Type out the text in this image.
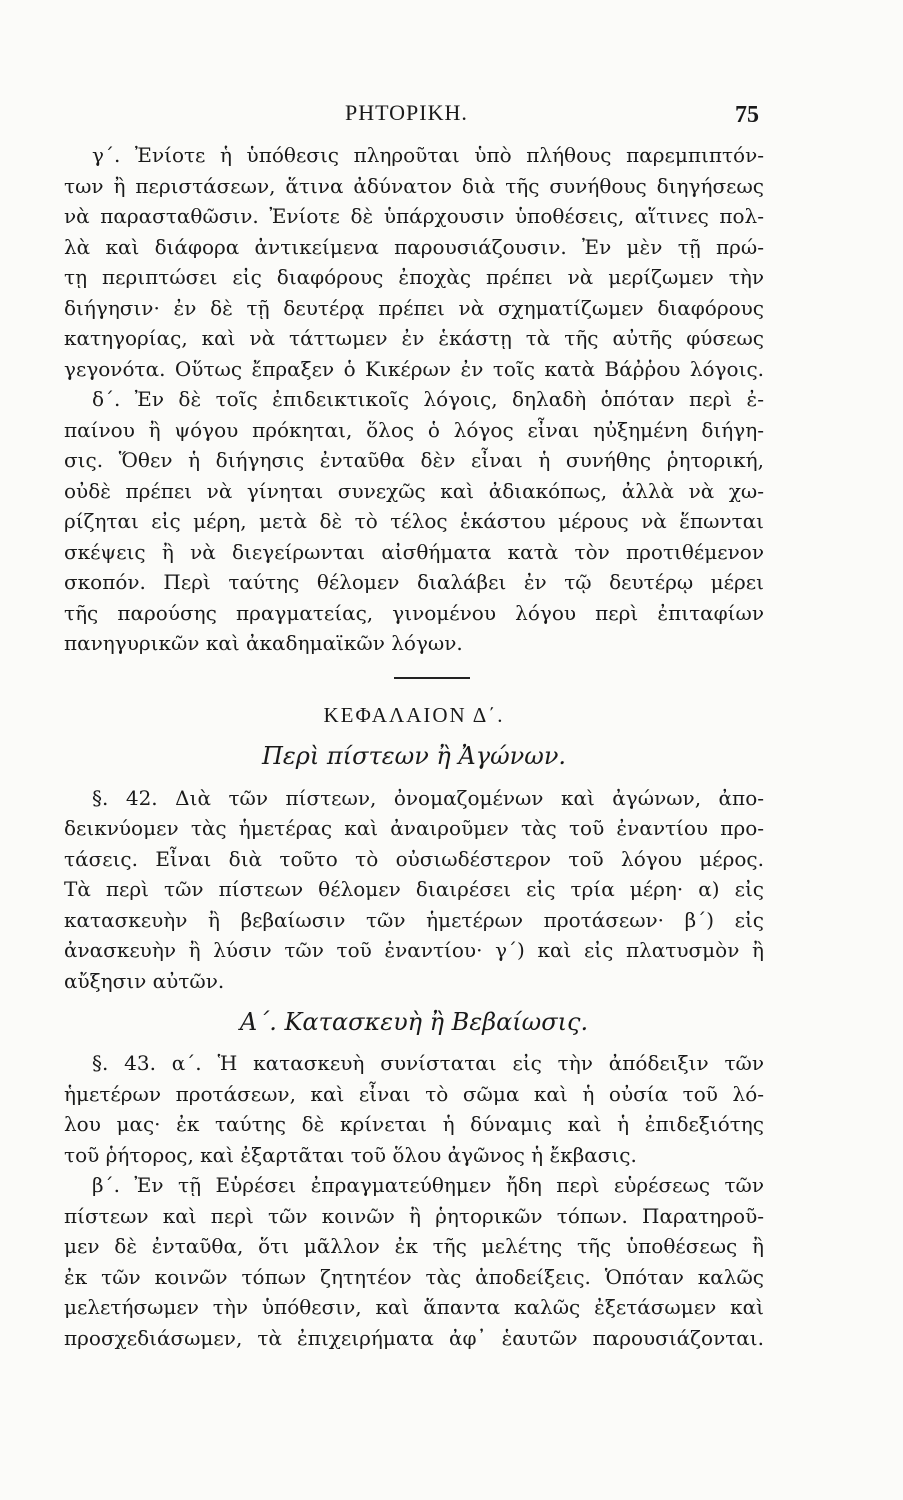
ΡΗΤΟΡΙΚΗ.	75
γ΄. Ἐνίοτε ἡ ὑπόθεσις πληροῦται ὑπὸ πλήθους παρεμπιπτόν-
των ἢ περιστάσεων, ἅτινα ἀδύνατον διὰ τῆς συνήθους διηγήσεως
νὰ παρασταθῶσιν. Ἐνίοτε δὲ ὑπάρχουσιν ὑποθέσεις, αἵτινες πολ-
λὰ καὶ διάφορα ἀντικείμενα παρουσιάζουσιν. Ἐν μὲν τῇ πρώ-
τῃ περιπτώσει εἰς διαφόρους ἐποχὰς πρέπει νὰ μερίζωμεν τὴν
διήγησιν· ἐν δὲ τῇ δευτέρᾳ πρέπει νὰ σχηματίζωμεν διαφόρους
κατηγορίας, καὶ νὰ τάττωμεν ἐν ἑκάστῃ τὰ τῆς αὐτῆς φύσεως
γεγονότα. Οὕτως ἔπραξεν ὁ Κικέρων ἐν τοῖς κατὰ Βάῤῥου λόγοις.
δ΄. Ἐν δὲ τοῖς ἐπιδεικτικοῖς λόγοις, δηλαδὴ ὁπόταν περὶ ἐ-
παίνου ἢ ψόγου πρόκηται, ὅλος ὁ λόγος εἶναι ηὐξημένη διήγη-
σις. Ὅθεν ἡ διήγησις ἐνταῦθα δὲν εἶναι ἡ συνήθης ῥητορική,
οὐδὲ πρέπει νὰ γίνηται συνεχῶς καὶ ἀδιακόπως, ἀλλὰ νὰ χω-
ρίζηται εἰς μέρη, μετὰ δὲ τὸ τέλος ἑκάστου μέρους νὰ ἕπωνται
σκέψεις ἢ νὰ διεγείρωνται αἰσθήματα κατὰ τὸν προτιθέμενον
σκοπόν. Περὶ ταύτης θέλομεν διαλάβει ἐν τῷ δευτέρῳ μέρει
τῆς παρούσης πραγματείας, γινομένου λόγου περὶ ἐπιταφίων
πανηγυρικῶν καὶ ἀκαδημαϊκῶν λόγων.
ΚΕΦΑΛΑΙΟΝ Δ΄.
Περὶ πίστεων ἢ Ἀγώνων.
§. 42. Διὰ τῶν πίστεων, ὀνομαζομένων καὶ ἀγώνων, ἀπο-
δεικνύομεν τὰς ἡμετέρας καὶ ἀναιροῦμεν τὰς τοῦ ἐναντίου προ-
τάσεις. Εἶναι διὰ τοῦτο τὸ οὐσιωδέστερον τοῦ λόγου μέρος.
Τὰ περὶ τῶν πίστεων θέλομεν διαιρέσει εἰς τρία μέρη· α) εἰς
κατασκευὴν ἢ βεβαίωσιν τῶν ἡμετέρων προτάσεων· β΄) εἰς
ἀνασκευὴν ἢ λύσιν τῶν τοῦ ἐναντίου· γ΄) καὶ εἰς πλατυσμὸν ἢ
αὔξησιν αὐτῶν.
Α΄. Κατασκευὴ ἢ Βεβαίωσις.
§. 43. α΄. Ἡ κατασκευὴ συνίσταται εἰς τὴν ἀπόδειξιν τῶν
ἡμετέρων προτάσεων, καὶ εἶναι τὸ σῶμα καὶ ἡ οὐσία τοῦ λό-
λου μας· ἐκ ταύτης δὲ κρίνεται ἡ δύναμις καὶ ἡ ἐπιδεξιότης
τοῦ ῥήτορος, καὶ ἐξαρτᾶται τοῦ ὅλου ἀγῶνος ἡ ἔκβασις.
β΄. Ἐν τῇ Εὑρέσει ἐπραγματεύθημεν ἤδη περὶ εὑρέσεως τῶν
πίστεων καὶ περὶ τῶν κοινῶν ἢ ῥητορικῶν τόπων. Παρατηροῦ-
μεν δὲ ἐνταῦθα, ὅτι μᾶλλον ἐκ τῆς μελέτης τῆς ὑποθέσεως ἢ
ἐκ τῶν κοινῶν τόπων ζητητέον τὰς ἀποδείξεις. Ὁπόταν καλῶς
μελετήσωμεν τὴν ὑπόθεσιν, καὶ ἅπαντα καλῶς ἐξετάσωμεν καὶ
προσχεδιάσωμεν, τὰ ἐπιχειρήματα ἀφ᾽ ἑαυτῶν παρουσιάζονται.
